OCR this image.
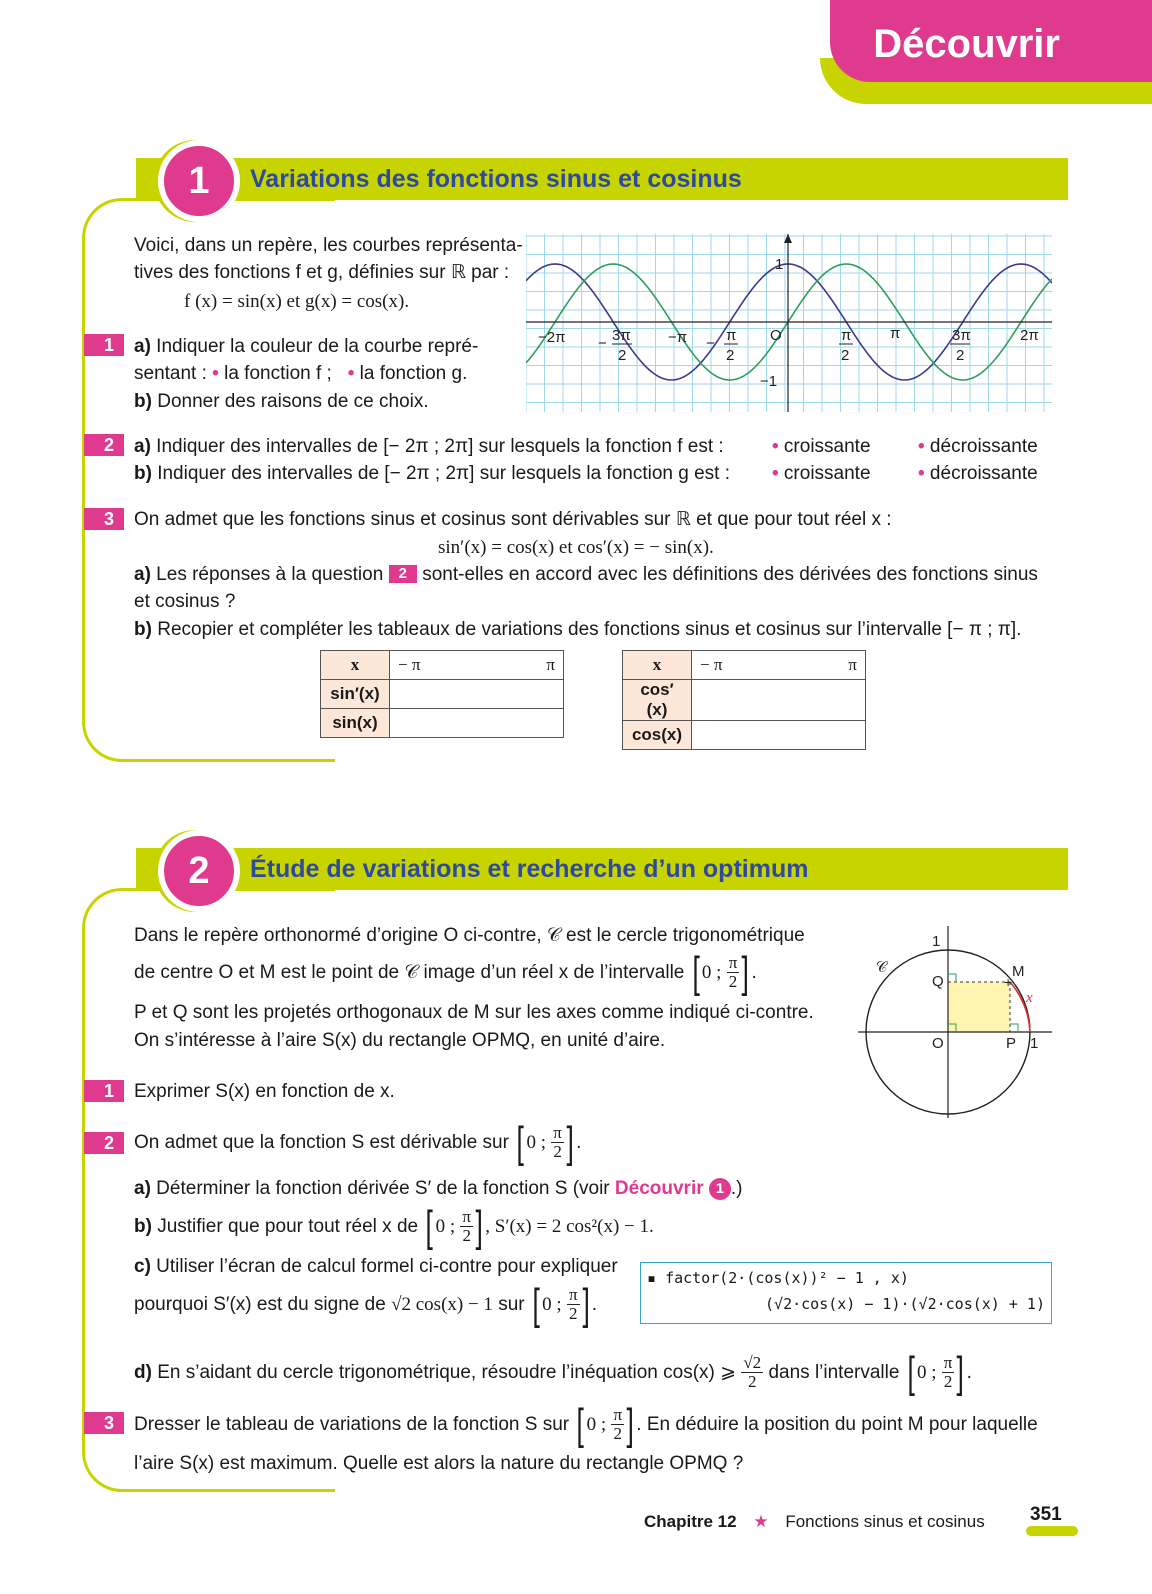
Découvrir
1	Variations des fonctions sinus et cosinus
Voici, dans un repère, les courbes représenta-
tives des fonctions f et g, définies sur ℝ par :
f (x) = sin(x) et g(x) = cos(x).
1
−1
O
−2π − 3π
2
−π − π
2
π
2
π	3π
2
2π
1	a) Indiquer la couleur de la courbe repré-
sentant : • la fonction f ; • la fonction g.
b) Donner des raisons de ce choix.
2	a) Indiquer des intervalles de [− 2π ; 2π] sur lesquels la fonction f est :	• croissante • décroissante
b) Indiquer des intervalles de [− 2π ; 2π] sur lesquels la fonction g est : • croissante • décroissante
3	On admet que les fonctions sinus et cosinus sont dérivables sur ℝ et que pour tout réel x :
sin′(x) = cos(x) et cos′(x) = − sin(x).
a) Les réponses à la question 2 sont-elles en accord avec les définitions des dérivées des fonctions sinus
et cosinus ?
b) Recopier et compléter les tableaux de variations des fonctions sinus et cosinus sur l’intervalle [− π ; π].
x	− π π

sin′(x)	
sin(x)	
x	− π π

cos′(x)	
cos(x)	
2	Étude de variations et recherche d’un optimum
Dans le repère orthonormé d’origine O ci-contre, 𝒞 est le cercle trigonométrique
de centre O et M est le point de 𝒞 image d’un réel x de l’intervalle [ 0 ; $\frac{\pi}{2}$ ] .
P et Q sont les projetés orthogonaux de M sur les axes comme indiqué ci-contre.
On s’intéresse à l’aire S(x) du rectangle OPMQ, en unité d’aire.
𝒞
1
Q
M
x
O	P 1
+
1	Exprimer S(x) en fonction de x.
2	On admet que la fonction S est dérivable sur [ 0 ; $\frac{\pi}{2}$ ] .
a) Déterminer la fonction dérivée S′ de la fonction S (voir Découvrir 1 .)
b) Justifier que pour tout réel x de [ 0 ; $\frac{\pi}{2}$ ] , S′(x) = 2 cos²(x) − 1.
c) Utiliser l’écran de calcul formel ci-contre pour expliquer
pourquoi S′(x) est du signe de √2 cos(x) − 1 sur [ 0 ; $\frac{\pi}{2}$ ] .
▪ factor(2·(cos(x))² − 1 , x)
(√2·cos(x) − 1)·(√2·cos(x) + 1)
d) En s’aidant du cercle trigonométrique, résoudre l’inéquation cos(x) ⩾ $\frac{√2}{2}$ dans l’intervalle [ 0 ; $\frac{\pi}{2}$ ] .
3	Dresser le tableau de variations de la fonction S sur [ 0 ; $\frac{\pi}{2}$ ] . En déduire la position du point M pour laquelle
l’aire S(x) est maximum. Quelle est alors la nature du rectangle OPMQ ?
Chapitre 12 ★ Fonctions sinus et cosinus 351
